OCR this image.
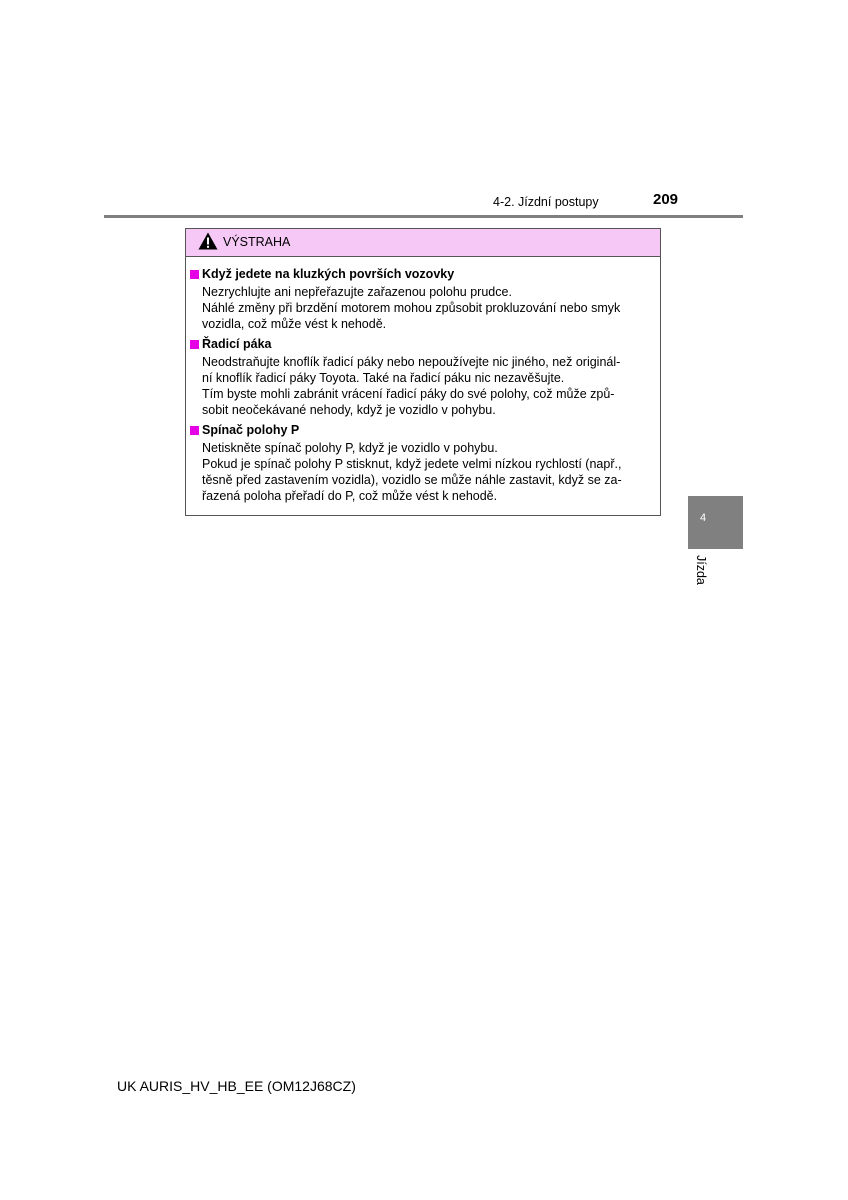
4-2. Jízdní postupy	209
VÝSTRAHA
Když jedete na kluzkých površích vozovky

Nezrychlujte ani nepřeřazujte zařazenou polohu prudce.

Náhlé změny při brzdění motorem mohou způsobit prokluzování nebo smyk

vozidla, což může vést k nehodě.

Řadicí páka

Neodstraňujte knoflík řadicí páky nebo nepoužívejte nic jiného, než originál-

ní knoflík řadicí páky Toyota. Také na řadicí páku nic nezavěšujte.

Tím byste mohli zabránit vrácení řadicí páky do své polohy, což může způ-

sobit neočekávané nehody, když je vozidlo v pohybu.

Spínač polohy P

Netiskněte spínač polohy P, když je vozidlo v pohybu.

Pokud je spínač polohy P stisknut, když jedete velmi nízkou rychlostí (např.,

těsně před zastavením vozidla), vozidlo se může náhle zastavit, když se za-

řazená poloha přeřadí do P, což může vést k nehodě.

4
Jízda
UK AURIS_HV_HB_EE (OM12J68CZ)
